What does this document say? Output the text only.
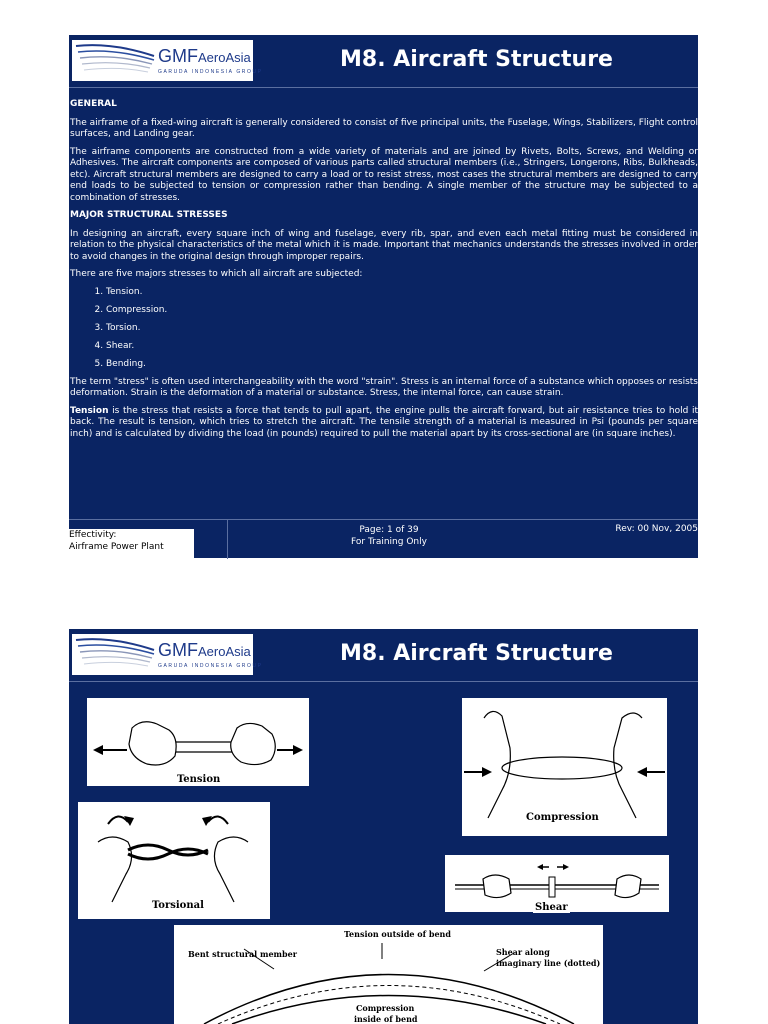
GMFAeroAsia
GARUDA INDONESIA GROUP	M8. Aircraft Structure
GENERAL

The airframe of a fixed-wing aircraft is generally considered to consist of five principal units, the Fuselage, Wings, Stabilizers, Flight control surfaces, and Landing gear.

The airframe components are constructed from a wide variety of materials and are joined by Rivets, Bolts, Screws, and Welding or Adhesives. The aircraft components are composed of various parts called structural members (i.e., Stringers, Longerons, Ribs, Bulkheads, etc). Aircraft structural members are designed to carry a load or to resist stress, most cases the structural members are designed to carry end loads to be subjected to tension or compression rather than bending. A single member of the structure may be subjected to a combination of stresses.

MAJOR STRUCTURAL STRESSES

In designing an aircraft, every square inch of wing and fuselage, every rib, spar, and even each metal fitting must be considered in relation to the physical characteristics of the metal which it is made. Important that mechanics understands the stresses involved in order to avoid changes in the original design through improper repairs.

There are five majors stresses to which all aircraft are subjected:

1. Tension.
2. Compression.
3. Torsion.
4. Shear.
5. Bending.

The term "stress" is often used interchangeability with the word "strain". Stress is an internal force of a substance which opposes or resists deformation. Strain is the deformation of a material or substance. Stress, the internal force, can cause strain.

Tension is the stress that resists a force that tends to pull apart, the engine pulls the aircraft forward, but air resistance tries to hold it back. The result is tension, which tries to stretch the aircraft. The tensile strength of a material is measured in Psi (pounds per square inch) and is calculated by dividing the load (in pounds) required to pull the material apart by its cross-sectional are (in square inches).

Effectivity:
Airframe Power Plant
Page: 1 of 39
For Training Only
Rev: 00 Nov, 2005
GMFAeroAsia
GARUDA INDONESIA GROUP	M8. Aircraft Structure
Tension
Compression
Torsional	Shear
Tension outside of bend
Bent structural member	Shear along
imaginary line (dotted)
Compression
inside of bend
